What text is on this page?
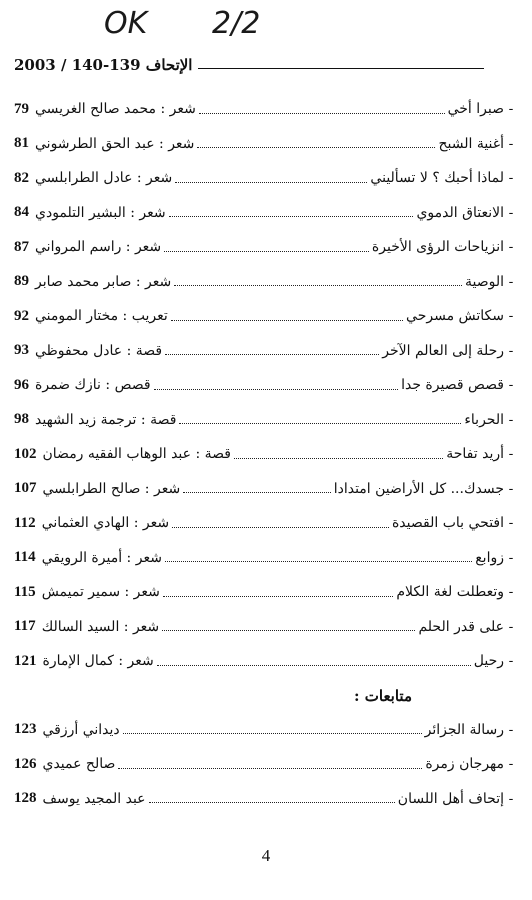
OK 2/2
الإتحاف 139-140 / 2003
-
صبرا أخي
شعر : محمد صالح الغريسي
79
-
أغنية الشبح
شعر : عبد الحق الطرشوني
81
-
لماذا أحبك ؟ لا تسأليني
شعر : عادل الطرابلسي
82
-
الانعتاق الدموي
شعر : البشير التلمودي
84
-
انزياحات الرؤى الأخيرة
شعر : راسم المرواني
87
-
الوصية
شعر : صابر محمد صابر
89
-
سكاتش مسرحي
تعريب : مختار المومني
92
-
رحلة إلى العالم الآخر
قصة : عادل محفوظي
93
-
قصص قصيرة جدا
قصص : نازك ضمرة
96
-
الحرباء
قصة : ترجمة زيد الشهيد
98
-
أريد تفاحة
قصة : عبد الوهاب الفقيه رمضان
102
-
جسدك... كل الأراضين امتدادا
شعر : صالح الطرابلسي
107
-
افتحي باب القصيدة
شعر : الهادي العثماني
112
-
زوابع
شعر : أميرة الرويقي
114
-
وتعطلت لغة الكلام
شعر : سمير تميمش
115
-
على قدر الحلم
شعر : السيد السالك
117
-
رحيل
شعر : كمال الإمارة
121
متابعات :
-
رسالة الجزائر
ديداني أرزقي
123
-
مهرجان زمرة
صالح عميدي
126
-
إتحاف أهل اللسان
عبد المجيد يوسف
128
4
